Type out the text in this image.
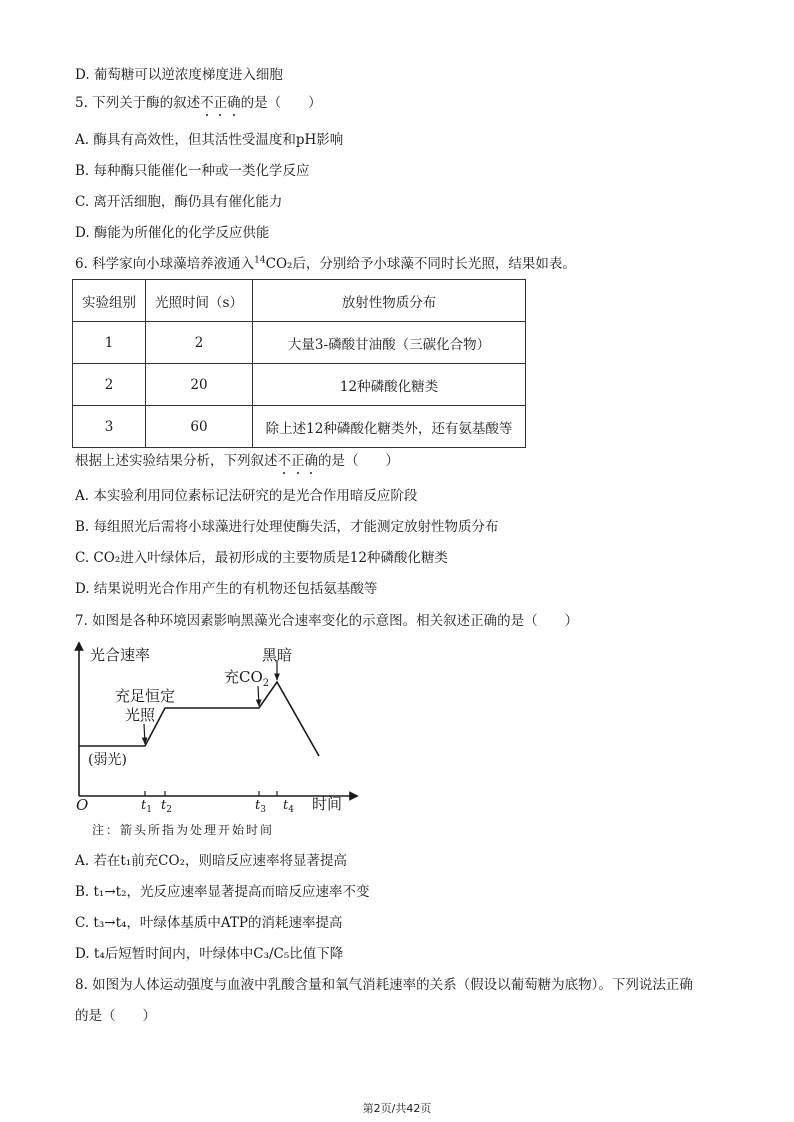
D. 葡萄糖可以逆浓度梯度进入细胞
5. 下列关于酶的叙述不正确的是（　　）
A. 酶具有高效性，但其活性受温度和pH影响
B. 每种酶只能催化一种或一类化学反应
C. 离开活细胞，酶仍具有催化能力
D. 酶能为所催化的化学反应供能
6. 科学家向小球藻培养液通入$^{14}$CO₂后，分别给予小球藻不同时长光照，结果如表。
实验组别	光照时间（s）	放射性物质分布
1	2	大量3-磷酸甘油酸（三碳化合物）
2	20	12种磷酸化糖类
3	60	除上述12种磷酸化糖类外，还有氨基酸等
根据上述实验结果分析，下列叙述不正确的是（　　）
A. 本实验利用同位素标记法研究的是光合作用暗反应阶段
B. 每组照光后需将小球藻进行处理使酶失活，才能测定放射性物质分布
C. CO₂进入叶绿体后，最初形成的主要物质是12种磷酸化糖类
D. 结果说明光合作用产生的有机物还包括氨基酸等
7. 如图是各种环境因素影响黑藻光合速率变化的示意图。相关叙述正确的是（　　）
光合速率	黑暗
充$CO_2$
充足恒定
光照
(弱光)
O	$t_1$ $t_2$	$t_3$ $t_4$ 时间
注：箭头所指为处理开始时间
A. 若在t₁前充CO₂，则暗反应速率将显著提高
B. t₁→t₂，光反应速率显著提高而暗反应速率不变
C. t₃→t₄，叶绿体基质中ATP的消耗速率提高
D. t₄后短暂时间内，叶绿体中C₃/C₅比值下降
8. 如图为人体运动强度与血液中乳酸含量和氧气消耗速率的关系（假设以葡萄糖为底物）。下列说法正确
的是（　　）
第2页/共42页
